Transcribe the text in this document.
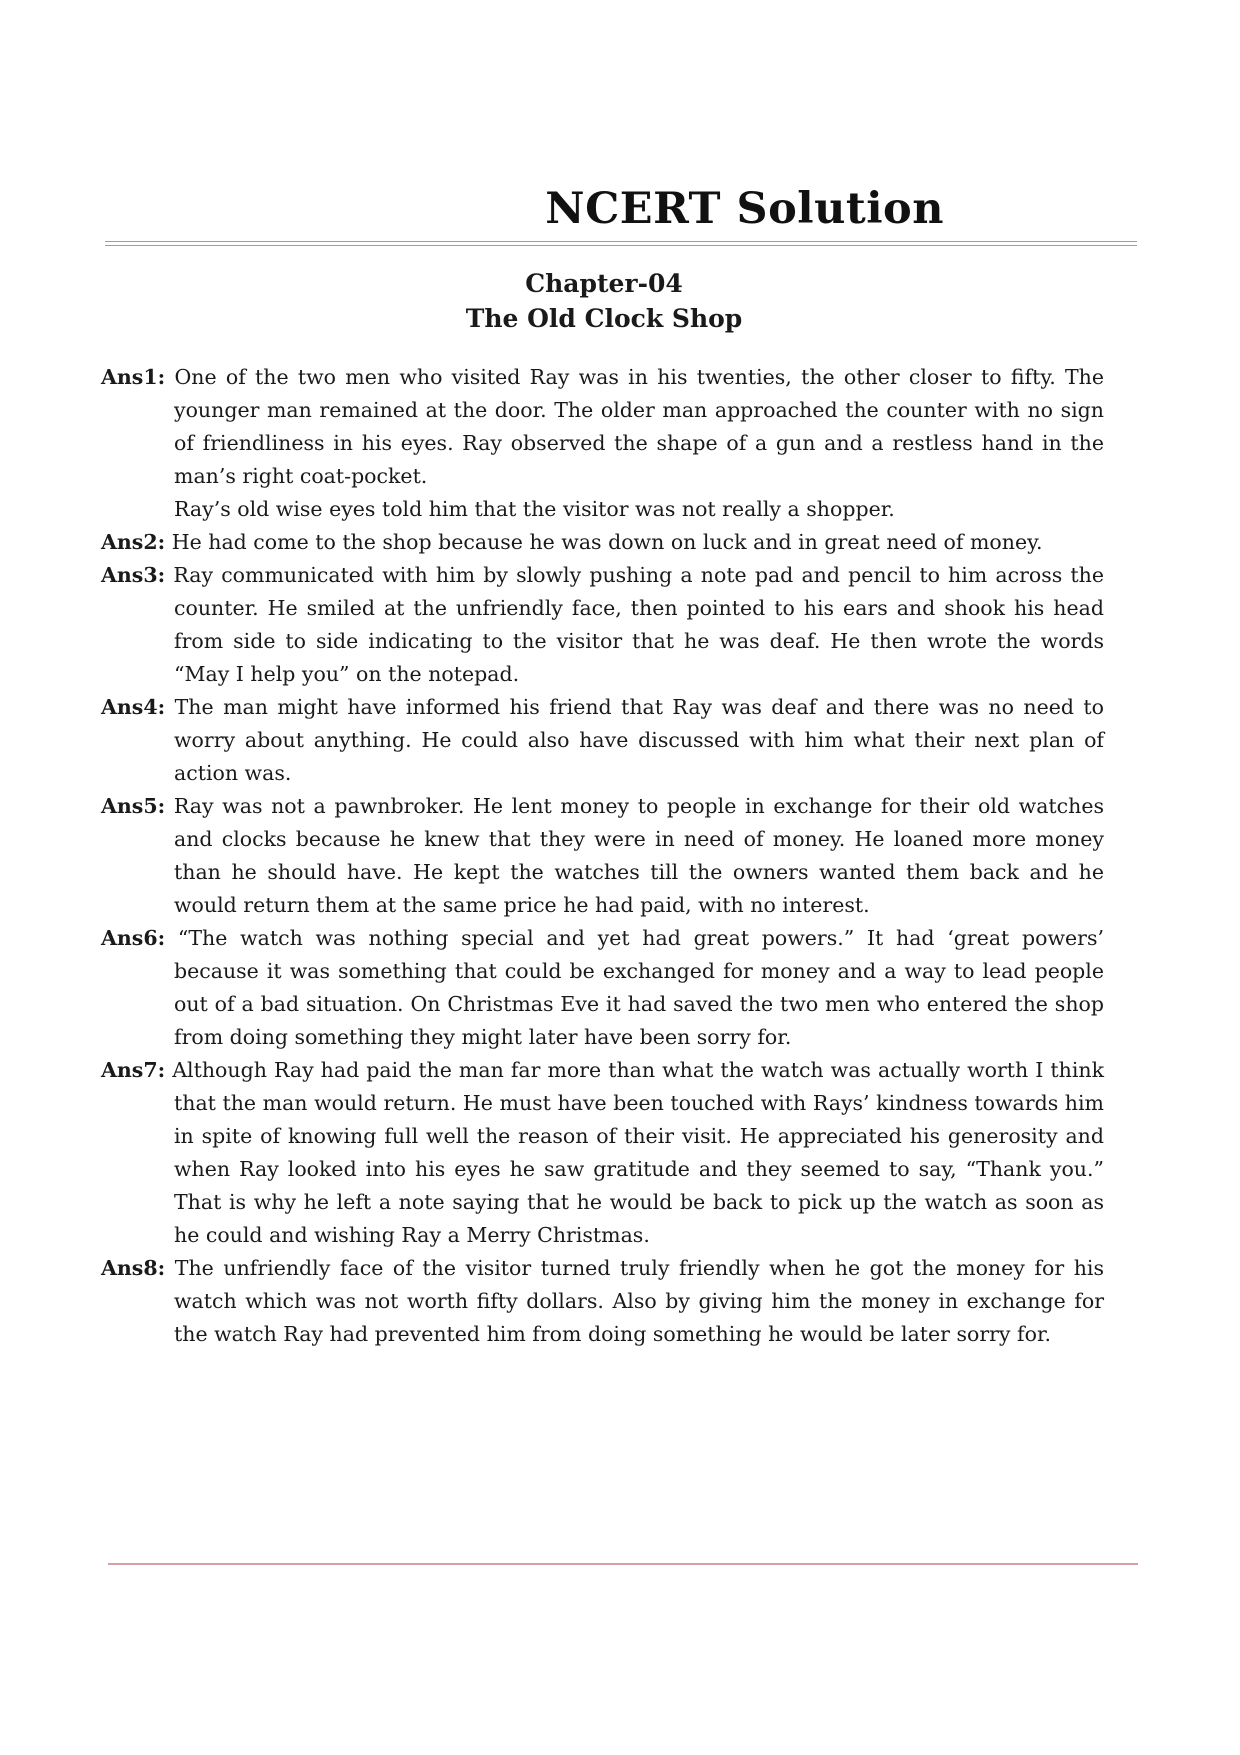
NCERT Solution
Chapter-04
The Old Clock Shop

Ans1: One of the two men who visited Ray was in his twenties, the other closer to fifty. The younger man remained at the door. The older man approached the counter with no sign of friendliness in his eyes. Ray observed the shape of a gun and a restless hand in the man’s right coat-pocket.

Ray’s old wise eyes told him that the visitor was not really a shopper.

Ans2: He had come to the shop because he was down on luck and in great need of money.

Ans3: Ray communicated with him by slowly pushing a note pad and pencil to him across the counter. He smiled at the unfriendly face, then pointed to his ears and shook his head from side to side indicating to the visitor that he was deaf. He then wrote the words “May I help you” on the notepad.

Ans4: The man might have informed his friend that Ray was deaf and there was no need to worry about anything. He could also have discussed with him what their next plan of action was.

Ans5: Ray was not a pawnbroker. He lent money to people in exchange for their old watches and clocks because he knew that they were in need of money. He loaned more money than he should have. He kept the watches till the owners wanted them back and he would return them at the same price he had paid, with no interest.

Ans6: “The watch was nothing special and yet had great powers.” It had ‘great powers’ because it was something that could be exchanged for money and a way to lead people out of a bad situation. On Christmas Eve it had saved the two men who entered the shop from doing something they might later have been sorry for.

Ans7: Although Ray had paid the man far more than what the watch was actually worth I think that the man would return. He must have been touched with Rays’ kindness towards him in spite of knowing full well the reason of their visit. He appreciated his generosity and when Ray looked into his eyes he saw gratitude and they seemed to say, “Thank you.” That is why he left a note saying that he would be back to pick up the watch as soon as he could and wishing Ray a Merry Christmas.

Ans8: The unfriendly face of the visitor turned truly friendly when he got the money for his watch which was not worth fifty dollars. Also by giving him the money in exchange for the watch Ray had prevented him from doing something he would be later sorry for.
